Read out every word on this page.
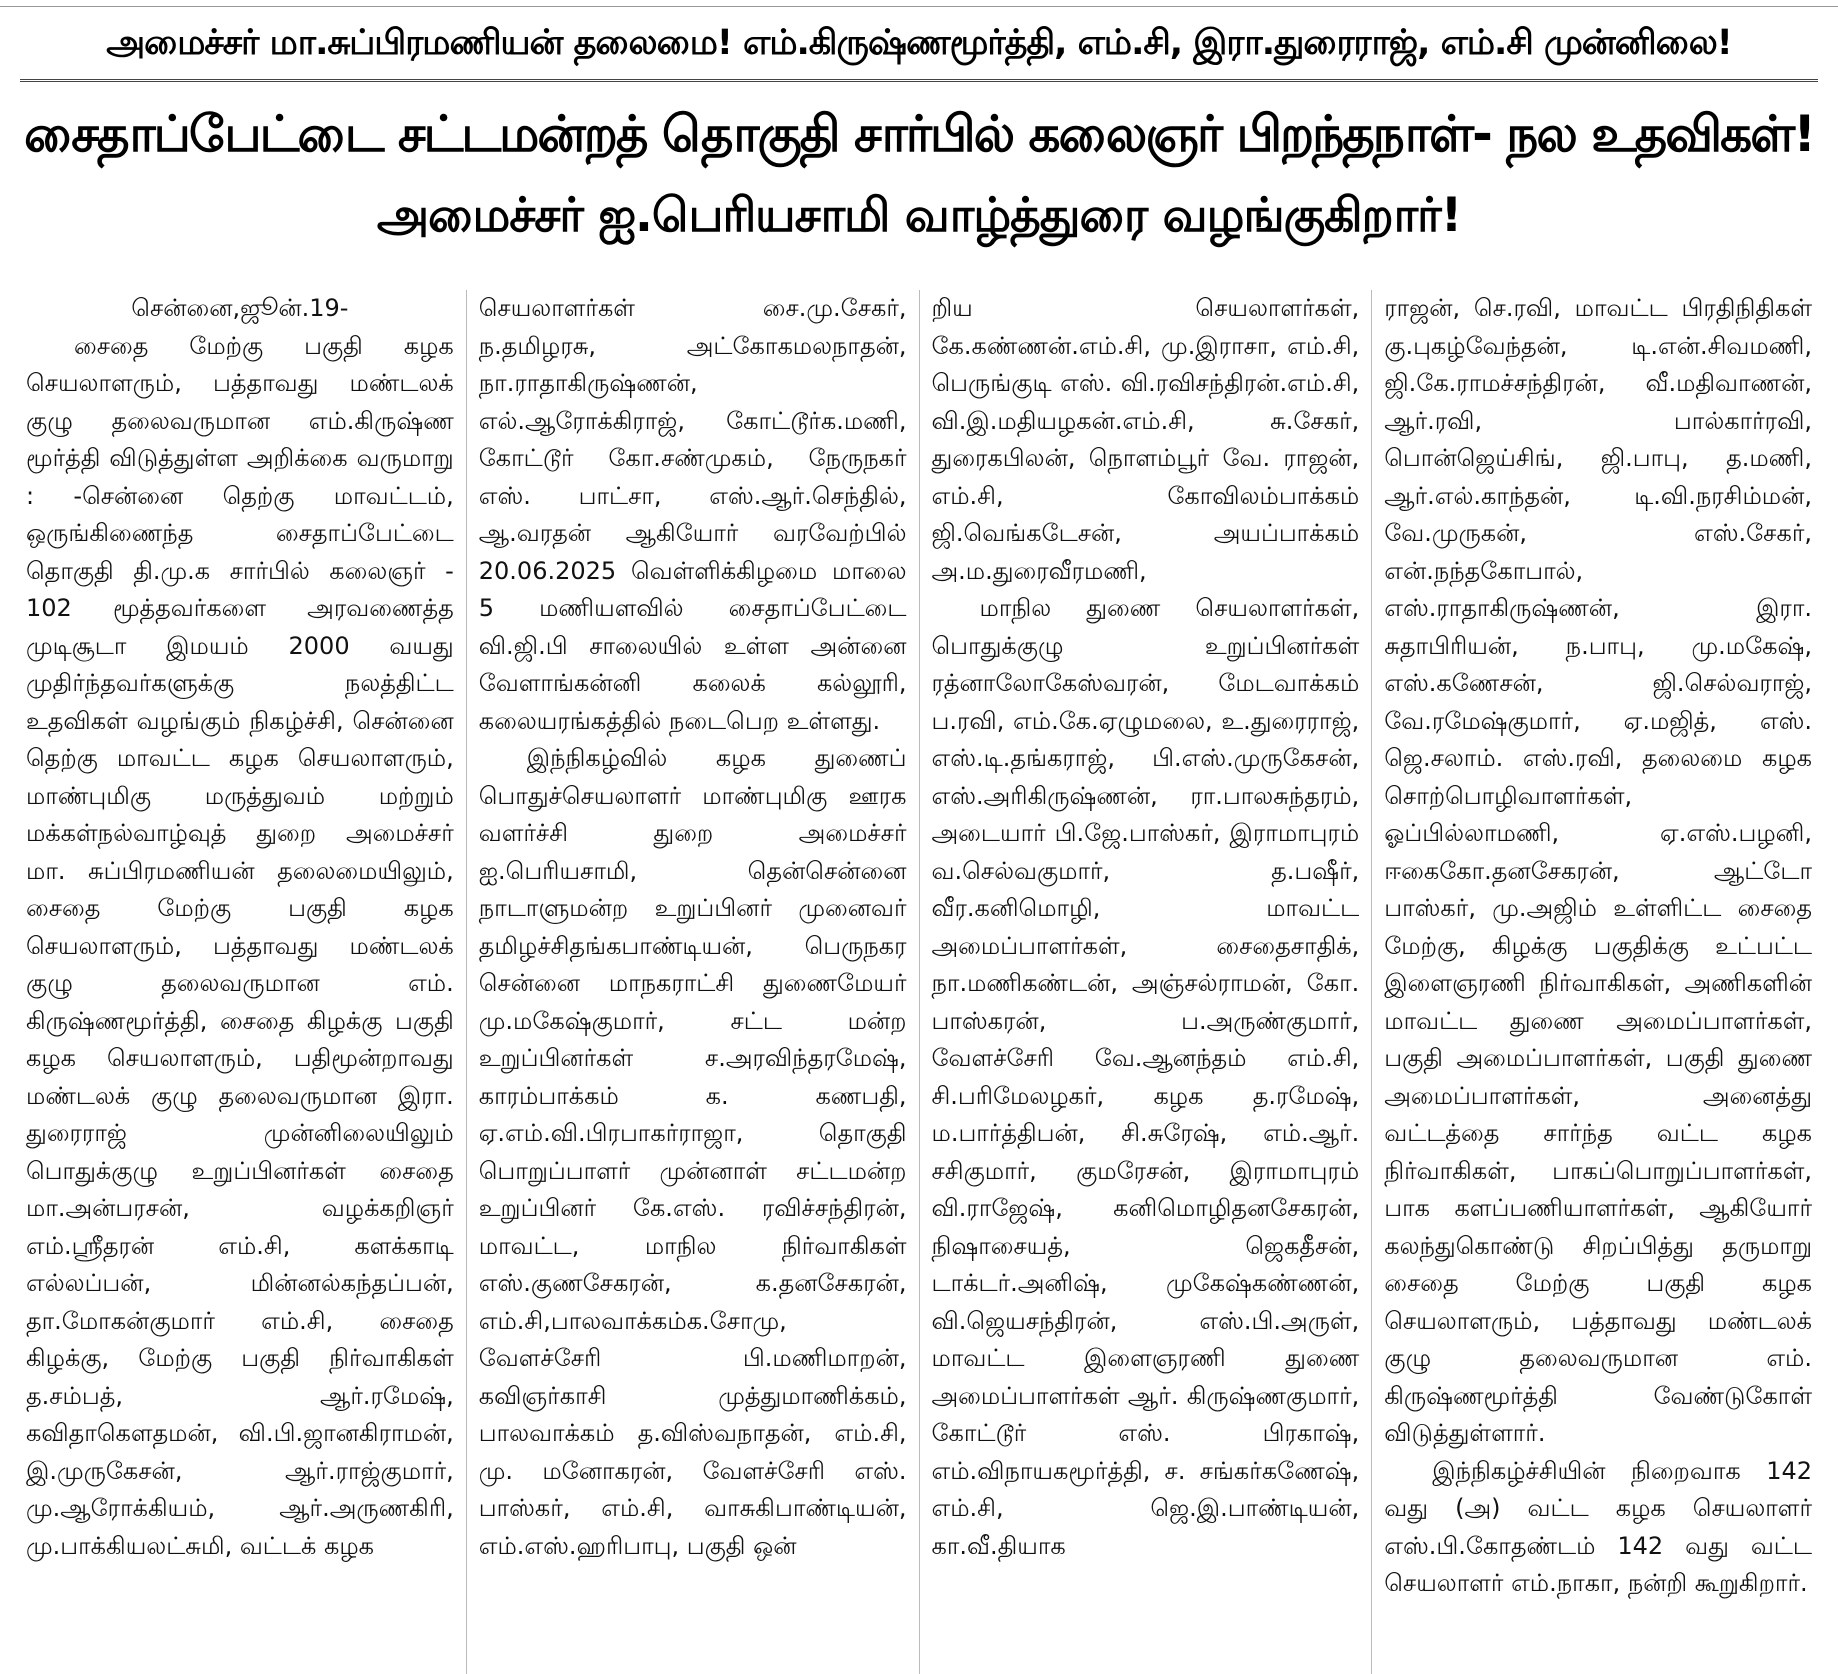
அமைச்சர் மா.சுப்பிரமணியன் தலைமை! எம்.கிருஷ்ணமூர்த்தி, எம்.சி, இரா.துரைராஜ், எம்.சி முன்னிலை!
சைதாப்பேட்டை சட்டமன்றத் தொகுதி சார்பில் கலைஞர் பிறந்தநாள்- நல உதவிகள்!
அமைச்சர் ஐ.பெரியசாமி வாழ்த்துரை வழங்குகிறார்!

சென்னை,ஜூன்.19-

சைதை மேற்கு பகுதி கழக செயலாளரும், பத்தாவது மண்டலக் குழு தலைவருமான எம்.கிருஷ்ண மூர்த்தி விடுத்துள்ள அறிக்கை வருமாறு : -சென்னை தெற்கு மாவட்டம், ஒருங்கிணைந்த சைதாப்பேட்டை தொகுதி தி.மு.க சார்பில் கலைஞர் - 102 மூத்தவர்களை அரவணைத்த முடிசூடா இமயம் 2000 வயது முதிர்ந்தவர்களுக்கு நலத்திட்ட உதவிகள் வழங்கும் நிகழ்ச்சி, சென்னை தெற்கு மாவட்ட கழக செயலாளரும், மாண்புமிகு மருத்துவம் மற்றும் மக்கள்நல்வாழ்வுத் துறை அமைச்சர் மா. சுப்பிரமணியன் தலைமையிலும், சைதை மேற்கு பகுதி கழக செயலாளரும், பத்தாவது மண்டலக் குழு தலைவருமான எம். கிருஷ்ணமூர்த்தி, சைதை கிழக்கு பகுதி கழக செயலாளரும், பதிமூன்றாவது மண்டலக் குழு தலைவருமான இரா. துரைராஜ் முன்னிலையிலும் பொதுக்குழு உறுப்பினர்கள் சைதை மா.அன்பரசன், வழக்கறிஞர் எம்.ஸ்ரீதரன் எம்.சி, களக்காடி எல்லப்பன், மின்னல்கந்தப்பன், தா.மோகன்குமார் எம்.சி, சைதை கிழக்கு, மேற்கு பகுதி நிர்வாகிகள் த.சம்பத், ஆர்.ரமேஷ், கவிதாகௌதமன், வி.பி.ஜானகிராமன், இ.முருகேசன், ஆர்.ராஜ்குமார், மு.ஆரோக்கியம், ஆர்.அருணகிரி, மு.பாக்கியலட்சுமி, வட்டக் கழக

செயலாளர்கள் சை.மு.சேகர், ந.தமிழரசு, அட்கோகமலநாதன், நா.ராதாகிருஷ்ணன், எல்.ஆரோக்கிராஜ், கோட்டூர்க.மணி, கோட்டூர் கோ.சண்முகம், நேருநகர் எஸ். பாட்சா, எஸ்.ஆர்.செந்தில், ஆ.வரதன் ஆகியோர் வரவேற்பில் 20.06.2025 வெள்ளிக்கிழமை மாலை 5 மணியளவில் சைதாப்பேட்டை வி.ஜி.பி சாலையில் உள்ள அன்னை வேளாங்கன்னி கலைக் கல்லூரி, கலையரங்கத்தில் நடைபெற உள்ளது.

இந்நிகழ்வில் கழக துணைப் பொதுச்செயலாளர் மாண்புமிகு ஊரக வளர்ச்சி துறை அமைச்சர் ஐ.பெரியசாமி, தென்சென்னை நாடாளுமன்ற உறுப்பினர் முனைவர் தமிழச்சிதங்கபாண்டியன், பெருநகர சென்னை மாநகராட்சி துணைமேயர் மு.மகேஷ்குமார், சட்ட மன்ற உறுப்பினர்கள் ச.அரவிந்தரமேஷ், காரம்பாக்கம் க. கணபதி, ஏ.எம்.வி.பிரபாகர்ராஜா, தொகுதி பொறுப்பாளர் முன்னாள் சட்டமன்ற உறுப்பினர் கே.எஸ். ரவிச்சந்திரன், மாவட்ட, மாநில நிர்வாகிகள் எஸ்.குணசேகரன், க.தனசேகரன், எம்.சி,பாலவாக்கம்க.சோமு, வேளச்சேரி பி.மணிமாறன், கவிஞர்காசி முத்துமாணிக்கம், பாலவாக்கம் த.விஸ்வநாதன், எம்.சி, மு. மனோகரன், வேளச்சேரி எஸ். பாஸ்கர், எம்.சி, வாசுகிபாண்டியன், எம்.எஸ்.ஹரிபாபு, பகுதி ஒன்

றிய செயலாளர்கள், கே.கண்ணன்.எம்.சி, மு.இராசா, எம்.சி, பெருங்குடி எஸ். வி.ரவிசந்திரன்.எம்.சி, வி.இ.மதியழகன்.எம்.சி, சு.சேகர், துரைகபிலன், நொளம்பூர் வே. ராஜன், எம்.சி, கோவிலம்பாக்கம் ஜி.வெங்கடேசன், அயப்பாக்கம் அ.ம.துரைவீரமணி,

மாநில துணை செயலாளர்கள், பொதுக்குழு உறுப்பினர்கள் ரத்னாலோகேஸ்வரன், மேடவாக்கம் ப.ரவி, எம்.கே.ஏழுமலை, உ.துரைராஜ், எஸ்.டி.தங்கராஜ், பி.எஸ்.முருகேசன், எஸ்.அரிகிருஷ்ணன், ரா.பாலசுந்தரம், அடையார் பி.ஜே.பாஸ்கர், இராமாபுரம் வ.செல்வகுமார், த.பஷீர், வீர.கனிமொழி, மாவட்ட அமைப்பாளர்கள், சைதைசாதிக், நா.மணிகண்டன், அஞ்சல்ராமன், கோ. பாஸ்கரன், ப.அருண்குமார், வேளச்சேரி வே.ஆனந்தம் எம்.சி, சி.பரிமேலழகர், கழக த.ரமேஷ், ம.பார்த்திபன், சி.சுரேஷ், எம்.ஆர். சசிகுமார், குமரேசன், இராமாபுரம் வி.ராஜேஷ், கனிமொழிதனசேகரன், நிஷாசையத், ஜெகதீசன், டாக்டர்.அனிஷ், முகேஷ்கண்ணன், வி.ஜெயசந்திரன், எஸ்.பி.அருள், மாவட்ட இளைஞரணி துணை அமைப்பாளர்கள் ஆர். கிருஷ்ணகுமார், கோட்டூர் எஸ். பிரகாஷ், எம்.விநாயகமூர்த்தி, ச. சங்கர்கணேஷ், எம்.சி, ஜெ.இ.பாண்டியன், கா.வீ.தியாக

ராஜன், செ.ரவி, மாவட்ட பிரதிநிதிகள் கு.புகழ்வேந்தன், டி.என்.சிவமணி, ஜி.கே.ராமச்சந்திரன், வீ.மதிவாணன், ஆர்.ரவி, பால்கார்ரவி, பொன்ஜெய்சிங், ஜி.பாபு, த.மணி, ஆர்.எல்.காந்தன், டி.வி.நரசிம்மன், வே.முருகன், எஸ்.சேகர், என்.நந்தகோபால், எஸ்.ராதாகிருஷ்ணன், இரா. சுதாபிரியன், ந.பாபு, மு.மகேஷ், எஸ்.கணேசன், ஜி.செல்வராஜ், வே.ரமேஷ்குமார், ஏ.மஜித், எஸ். ஜெ.சலாம். எஸ்.ரவி, தலைமை கழக சொற்பொழிவாளர்கள், ஓப்பில்லாமணி, ஏ.எஸ்.பழனி, ஈகைகோ.தனசேகரன், ஆட்டோ பாஸ்கர், மு.அஜிம் உள்ளிட்ட சைதை மேற்கு, கிழக்கு பகுதிக்கு உட்பட்ட இளைஞரணி நிர்வாகிகள், அணிகளின் மாவட்ட துணை அமைப்பாளர்கள், பகுதி அமைப்பாளர்கள், பகுதி துணை அமைப்பாளர்கள், அனைத்து வட்டத்தை சார்ந்த வட்ட கழக நிர்வாகிகள், பாகப்பொறுப்பாளர்கள், பாக களப்பணியாளர்கள், ஆகியோர் கலந்துகொண்டு சிறப்பித்து தருமாறு சைதை மேற்கு பகுதி கழக செயலாளரும், பத்தாவது மண்டலக் குழு தலைவருமான எம். கிருஷ்ணமூர்த்தி வேண்டுகோள் விடுத்துள்ளார்.

இந்நிகழ்ச்சியின் நிறைவாக 142 வது (அ) வட்ட கழக செயலாளர் எஸ்.பி.கோதண்டம் 142 வது வட்ட செயலாளர் எம்.நாகா, நன்றி கூறுகிறார்.
